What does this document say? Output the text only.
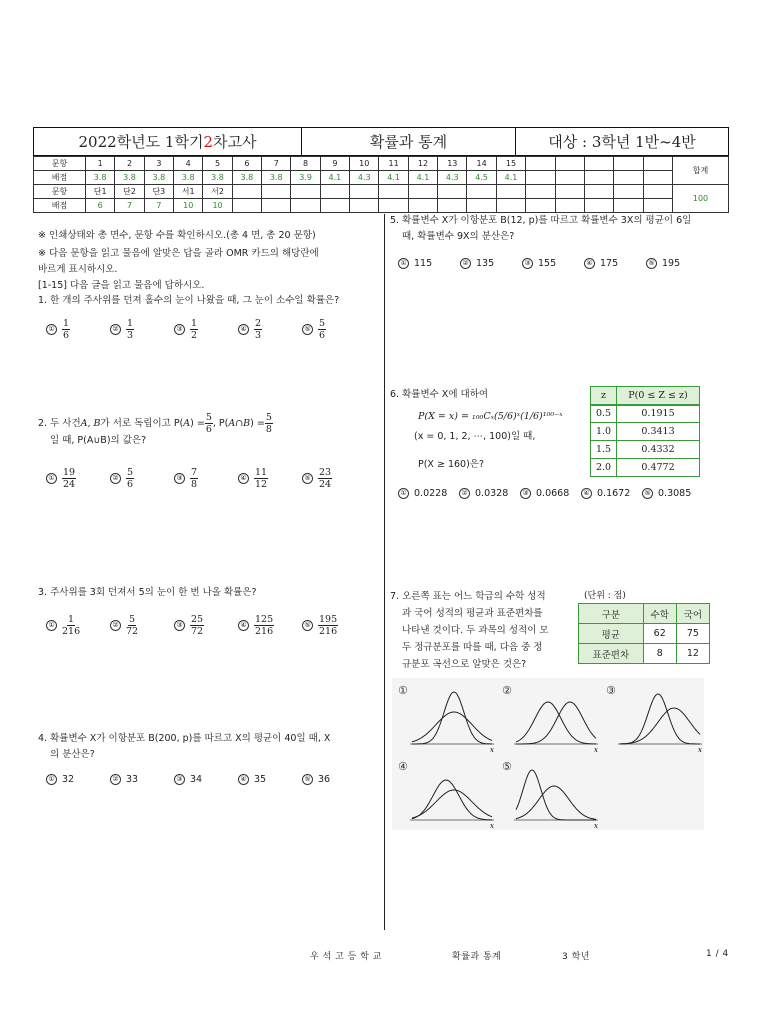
2022학년도 1학기 2 차고사	확률과 통계	대상 : 3학년 1반~4반
문항	1	2	3	4	5	6	7	8	9	10	11	12	13	14	15						합계
배점	3.8	3.8	3.8	3.8	3.8	3.8	3.8	3.9	4.1	4.3	4.1	4.1	4.3	4.5	4.1						
문항	단1	단2	단3	서1	서2																100
배점	6	7	7	10	10																
※ 인쇄상태와 총 면수, 문항 수를 확인하시오.(총 4 면, 총 20 문항)
※ 다음 문항을 읽고 물음에 알맞은 답을 골라 OMR 카드의 해당란에
바르게 표시하시오.
[1-15] 다음 글을 읽고 물음에 답하시오.
1. 한 개의 주사위를 던져 홀수의 눈이 나왔을 때, 그 눈이 소수일 확률은?
① $\frac{1}{6}$	② $\frac{1}{3}$	③ $\frac{1}{2}$	④ $\frac{2}{3}$	⑤ $\frac{5}{6}$
2. 두 사건 A, B 가 서로 독립이고 P( A ) = $\frac{5}{6}$ , P( A∩B ) = $\frac{5}{8}$
일 때, P(A∪B)의 값은?
① $\frac{19}{24}$	② $\frac{5}{6}$	③ $\frac{7}{8}$	④ $\frac{11}{12}$	⑤ $\frac{23}{24}$
3. 주사위를 3회 던져서 5의 눈이 한 번 나올 확률은?
① $\frac{1}{216}$	② $\frac{5}{72}$	③ $\frac{25}{72}$	④ $\frac{125}{216}$	⑤ $\frac{195}{216}$
4. 확률변수 X가 이항분포 B(200, p)를 따르고 X의 평균이 40일 때, X
의 분산은?
① 32	② 33	③ 34	④ 35	⑤ 36
5. 확률변수 X가 이항분포 B(12, p)를 따르고 확률변수 3X의 평균이 6일
때, 확률변수 9X의 분산은?
① 115	② 135	③ 155	④ 175	⑤ 195
6. 확률변수 X에 대하여
P(X = x) = ₁₀₀Cₓ(5/6)ˣ(1/6)¹⁰⁰⁻ˣ
(x = 0, 1, 2, ⋯, 100)일 때,
P(X ≥ 160)은?
① 0.0228	② 0.0328	③ 0.0668	④ 0.1672	⑤ 0.3085
z	P(0 ≤ Z ≤ z)
0.5	0.1915
1.0	0.3413
1.5	0.4332
2.0	0.4772
7. 오른쪽 표는 어느 학급의 수학 성적
과 국어 성적의 평균과 표준편차를
나타낸 것이다. 두 과목의 성적이 모
두 정규분포를 따를 때, 다음 중 정
규분포 곡선으로 알맞은 것은?
(단위 : 점)
구분	수학	국어
평균	62	75
표준편차	8	12
①
x
②
x
③
x
④
x
⑤
x
우 석 고 등 학 교	확률과 통계	3 학년	1 / 4
